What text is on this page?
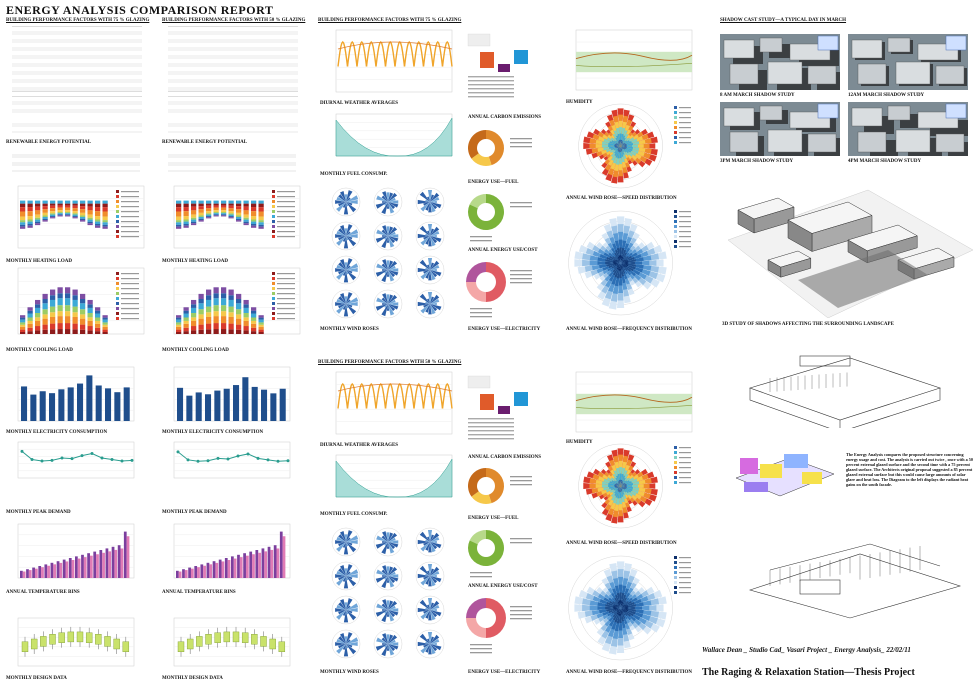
ENERGY ANALYSIS COMPARISON REPORT
BUILDING PERFORMANCE FACTORS WITH 75 % GLAZING
RENEWABLE ENERGY POTENTIAL
MONTHLY HEATING LOAD
MONTHLY COOLING LOAD
MONTHLY ELECTRICITY CONSUMPTION
MONTHLY PEAK DEMAND
ANNUAL TEMPERATURE BINS
MONTHLY DESIGN DATA
BUILDING PERFORMANCE FACTORS WITH 50 % GLAZING
RENEWABLE ENERGY POTENTIAL
MONTHLY HEATING LOAD
MONTHLY COOLING LOAD
MONTHLY ELECTRICITY CONSUMPTION
MONTHLY PEAK DEMAND
ANNUAL TEMPERATURE BINS
MONTHLY DESIGN DATA
BUILDING PERFORMANCE FACTORS WITH 75 % GLAZING
DIURNAL WEATHER AVERAGES
MONTHLY FUEL CONSUMP.
MONTHLY WIND ROSES
BUILDING PERFORMANCE FACTORS WITH 50 % GLAZING
DIURNAL WEATHER AVERAGES
MONTHLY FUEL CONSUMP.
MONTHLY WIND ROSES
ANNUAL CARBON EMISSIONS
ENERGY USE—FUEL
ANNUAL ENERGY USE/COST
ENERGY USE—ELECTRICITY
ANNUAL CARBON EMISSIONS
ENERGY USE—FUEL
ANNUAL ENERGY USE/COST
ENERGY USE—ELECTRICITY
HUMIDITY
ANNUAL WIND ROSE—SPEED DISTRIBUTION
ANNUAL WIND ROSE—FREQUENCY DISTRIBUTION
HUMIDITY
ANNUAL WIND ROSE—SPEED DISTRIBUTION
ANNUAL WIND ROSE—FREQUENCY DISTRIBUTION
SHADOW CAST STUDY—A TYPICAL DAY IN MARCH
8 AM MARCH SHADOW STUDY	12AM MARCH SHADOW STUDY
3PM MARCH SHADOW STUDY	4PM MARCH SHADOW STUDY
3D STUDY OF SHADOWS AFFECTING THE SURROUNDING LANDSCAPE
The Energy Analysis compares the proposed structure concerning energy usage and cost. The analysis is carried out twice , once with a 50 percent external glazed surface and the second time with a 75 percent glazed surface. The Architects original proposal suggested a 85 percent glazed external surface but this would cause large amounts of solar glare and heat loss. The Diagram to the left displays the radiant heat gains on the south facade.
Wallace Dean _ Studio Cad_ Vasari Project _ Energy Analysis_ 22/02/11
The Raging & Relaxation Station—Thesis Project
